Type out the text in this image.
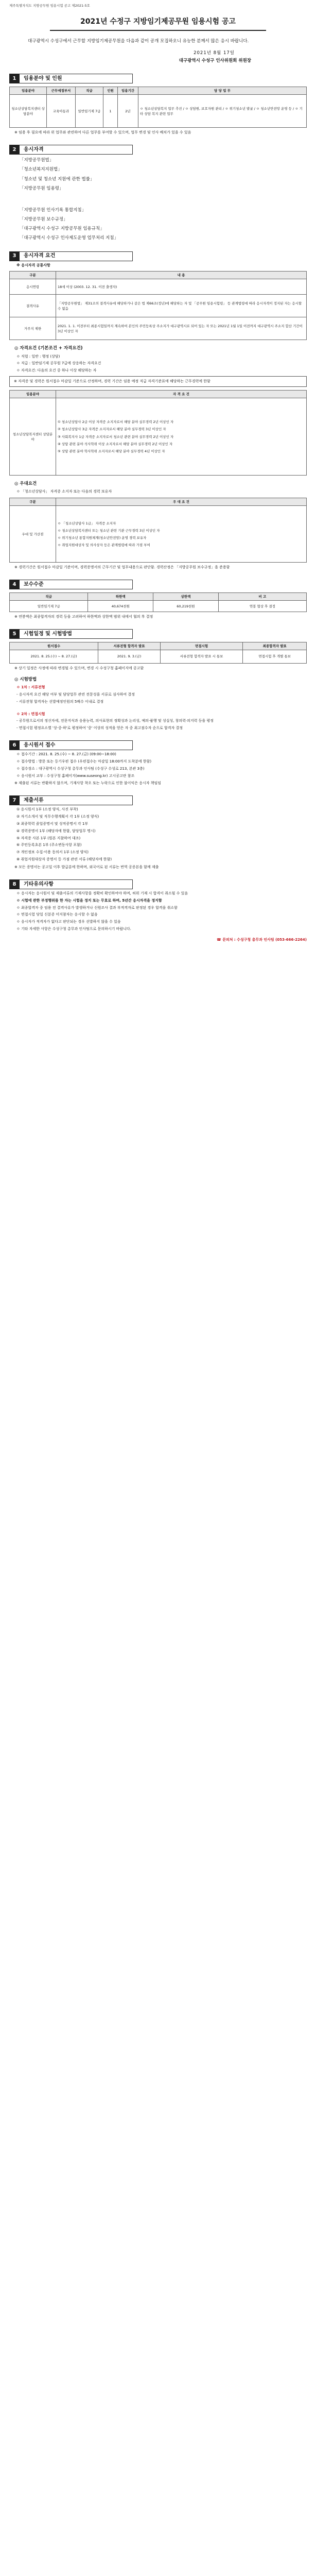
제주특별자치도 지방공무원 임용시험 공고 제2021-5호
2021년 수정구 지방임기제공무원 임용시험 공고
대구광역시 수성구에서 근무할 지방임기제공무원을 다음과 같이 공개 모집하오니 유능한 분께서 많은 응시 바랍니다.
2021년 8월 17일
대구광역시 수성구 인사위원회 위원장
1	임용분야 및 인원
임용분야	근무예정부서	직급	인원	임용기간	담 당 업 무
청소년상담복지센터 상담분야	교육아동과	일반임기제 7급	1	2년	ㅇ 청소년상담복지 업무 추진 / ㅇ 상담원, 보호자원 관리 / ㅇ 위기청소년 발굴 / ㅇ 청소년안전망 운영 등 / ㅇ 기타 상담 복지 관련 업무
※ 임용 후 필요에 따라 위 업무와 관련하여 다른 업무를 부여할 수 있으며, 업무 변경 및 인사 배치가 있을 수 있음
2	응시자격
「지방공무원법」
「청소년복지지원법」
「청소년 및 청소년 지원에 관한 법률」
「지방공무원 임용령」
「지방공무원 인사기록 통합지침」
「지방공무원 보수규정」
「대구광역시 수성구 지방공무원 임용규칙」
「대구광역시 수성구 인사제도운영 업무처리 지침」
3	응시자격 요건
※ 응시자격 공통사항
구분	내 용
응시연령	18세 이상 (2003. 12. 31. 이전 출생자)
결격사유	「지방공무원법」 제31조의 결격사유에 해당하거나 같은 법 제66조(정년)에 해당하는 자 및 「공무원 임용시험령」 등 관계법령에 따라 응시자격이 정지된 자는 응시할 수 없음
거주지 제한	2021. 1. 1. 이전부터 최종시험일까지 계속하여 본인의 주민등록상 주소지가 대구광역시로 되어 있는 자 또는 2021년 1월 1일 이전까지 대구광역시 주소지 합산 기간이 3년 이상인 자
◎ 자격요건 (기본조건 + 자격요건)
ㅇ 직렬 : 일반 : 행정 (상담)
ㅇ 직급 : 일반임기제 공무원 7급에 상응하는 자격요건
ㅇ 자격요건: 다음의 요건 중 하나 이상 해당하는 자
※ 자격증 및 경력은 원서접수 마감일 기준으로 산정하며, 경력 기간은 임용 예정 직급 자격기준표에 해당하는 근무경력에 한함
임용분야	자 격 요 건
청소년상담복지센터 상담분야	① 청소년상담사 2급 이상 자격증 소지자로서 해당 분야 실무경력 2년 이상인 자
② 청소년상담사 3급 자격증 소지자로서 해당 분야 실무경력 3년 이상인 자
③ 사회복지사 1급 자격증 소지자로서 청소년 관련 분야 실무경력 2년 이상인 자
④ 상담 관련 분야 석사학위 이상 소지자로서 해당 분야 실무경력 2년 이상인 자
⑤ 상담 관련 분야 학사학위 소지자로서 해당 분야 실무경력 4년 이상인 자
◎ 우대요건
ㅇ 「청소년상담사」 자격증 소지자 또는 다음의 경력 보유자
구분	우 대 요 건
우대 및 가산점	ㅇ 「청소년상담사 1급」 자격증 소지자
ㅇ 청소년상담복지센터 또는 청소년 관련 기관 근무경력 3년 이상인 자
ㅇ 위기청소년 통합지원체계(청소년안전망) 운영 경력 보유자
ㅇ 취업지원대상자 및 의사상자 등은 관계법령에 따라 가점 부여
※ 경력기간은 원서접수 마감일 기준이며, 경력증명서의 근무기간 및 업무내용으로 판단함. 경력산정은 「지방공무원 보수규정」을 준용함
4	보수수준
직급	하한액	상한액	비 고
일반임기제 7급	40,674천원	60,219천원	연봉 협상 후 결정
※ 연봉액은 최종합격자의 경력 등을 고려하여 하한액과 상한액 범위 내에서 협의 후 결정
5	시험일정 및 시험방법
원서접수	서류전형 합격자 발표	면접시험	최종합격자 발표
2021. 8. 25.(수) ~ 8. 27.(금)	2021. 9. 3.(금)	서류전형 합격자 발표 시 통보	면접시험 후 개별 통보
※ 상기 일정은 사정에 따라 변경될 수 있으며, 변경 시 수성구청 홈페이지에 공고함
◎ 시험방법
ㅇ 1차 : 서류전형
- 응시자격 요건 해당 여부 및 담당업무 관련 전문성을 서류로 심사하여 결정
- 서류전형 합격자는 선발예정인원의 5배수 이내로 결정
ㅇ 2차 : 면접시험
- 공무원으로서의 정신자세, 전문지식과 응용능력, 의사표현의 정확성과 논리성, 예의·품행 및 성실성, 창의력·의지력 등을 평정
- 면접시험 평정요소별 '상·중·하'로 평정하여 '중' 이상의 성적을 얻은 자 중 최고점수자 순으로 합격자 결정
6	응시원서 접수
ㅇ 접수기간 : 2021. 8. 25.(수) ~ 8. 27.(금) (09:00~18:00)
ㅇ 접수방법 : 방문 또는 등기우편 접수 (우편접수는 마감일 18:00까지 도착분에 한함)
ㅇ 접수장소 : 대구광역시 수성구청 총무과 인사팀 (수성구 수성로 213, 본관 3층)
ㅇ 응시원서 교부 : 수성구청 홈페이지(www.suseong.kr) 고시공고란 참조
※ 제출된 서류는 반환하지 않으며, 기재사항 착오 또는 누락으로 인한 불이익은 응시자 책임임
7	제출서류
① 응시원서 1부 (소정 양식, 사진 부착)
② 자기소개서 및 직무수행계획서 각 1부 (소정 양식)
③ 최종학력 졸업증명서 및 성적증명서 각 1부
④ 경력증명서 1부 (해당자에 한함, 담당업무 명시)
⑤ 자격증 사본 1부 (원본 지참하여 대조)
⑥ 주민등록초본 1부 (주소변동사항 포함)
⑦ 개인정보 수집·이용 동의서 1부 (소정 양식)
⑧ 취업지원대상자 증명서 등 가점 관련 서류 (해당자에 한함)
※ 모든 증명서는 공고일 이후 발급분에 한하며, 외국어로 된 서류는 번역 공증본을 함께 제출
8	기타유의사항
ㅇ 응시자는 응시원서 및 제출서류의 기재사항을 정확히 확인하여야 하며, 허위 기재 시 합격이 취소될 수 있음
ㅇ 시험에 관한 부정행위를 한 자는 시험을 정지 또는 무효로 하며, 5년간 응시자격을 정지함
ㅇ 최종합격자 중 임용 전 결격사유가 발생하거나 신원조사 결과 부적격자로 판정된 경우 합격을 취소함
ㅇ 면접시험 당일 신분증 미지참자는 응시할 수 없음
ㅇ 응시자가 적격자가 없다고 판단되는 경우 선발하지 않을 수 있음
ㅇ 기타 자세한 사항은 수성구청 총무과 인사팀으로 문의하시기 바랍니다.
☎ 문의처 : 수성구청 총무과 인사팀 (053-666-2264)
